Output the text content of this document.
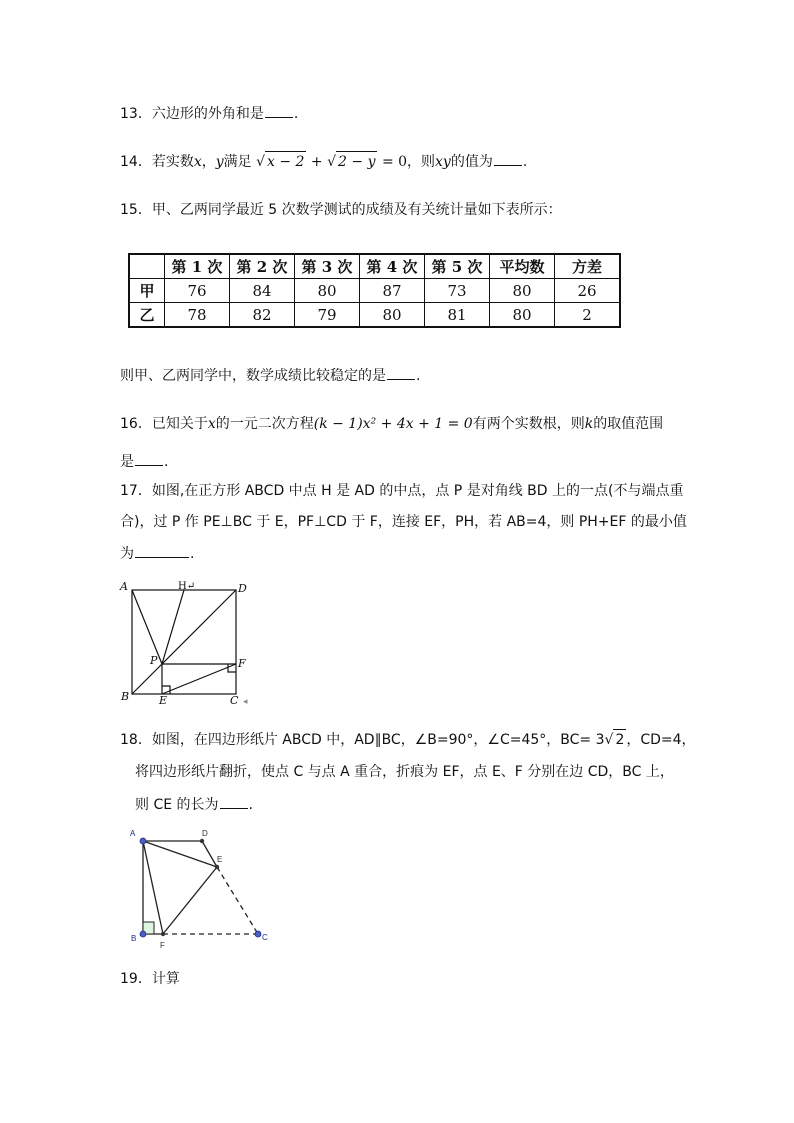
13．六边形的外角和是 .
14．若实数x，y满足 √ x − 2 + √ 2 − y = 0，则xy的值为 .
15．甲、乙两同学最近 5 次数学测试的成绩及有关统计量如下表所示：
	第 1 次	第 2 次	第 3 次	第 4 次	第 5 次	平均数	方差
甲	76	84	80	87	73	80	26
乙	78	82	79	80	81	80	2
则甲、乙两同学中，数学成绩比较稳定的是 .
16．已知关于x的一元二次方程(k − 1)x² + 4x + 1 = 0有两个实数根，则k的取值范围
是 .
17．如图,在正方形 ABCD 中点 H 是 AD 的中点，点 P 是对角线 BD 上的一点(不与端点重
合)，过 P 作 PE⊥BC 于 E，PF⊥CD 于 F，连接 EF，PH，若 AB=4，则 PH+EF 的最小值
为	.
A	H↵	D
P	F
B	E	C ◂
18．如图，在四边形纸片 ABCD 中，AD∥BC，∠B=90°，∠C=45°，BC= 3√ 2 ，CD=4，
将四边形纸片翻折，使点 C 与点 A 重合，折痕为 EF，点 E、F 分别在边 CD，BC 上，
则 CE 的长为 .
A	D
E
B
F
C
19．计算
